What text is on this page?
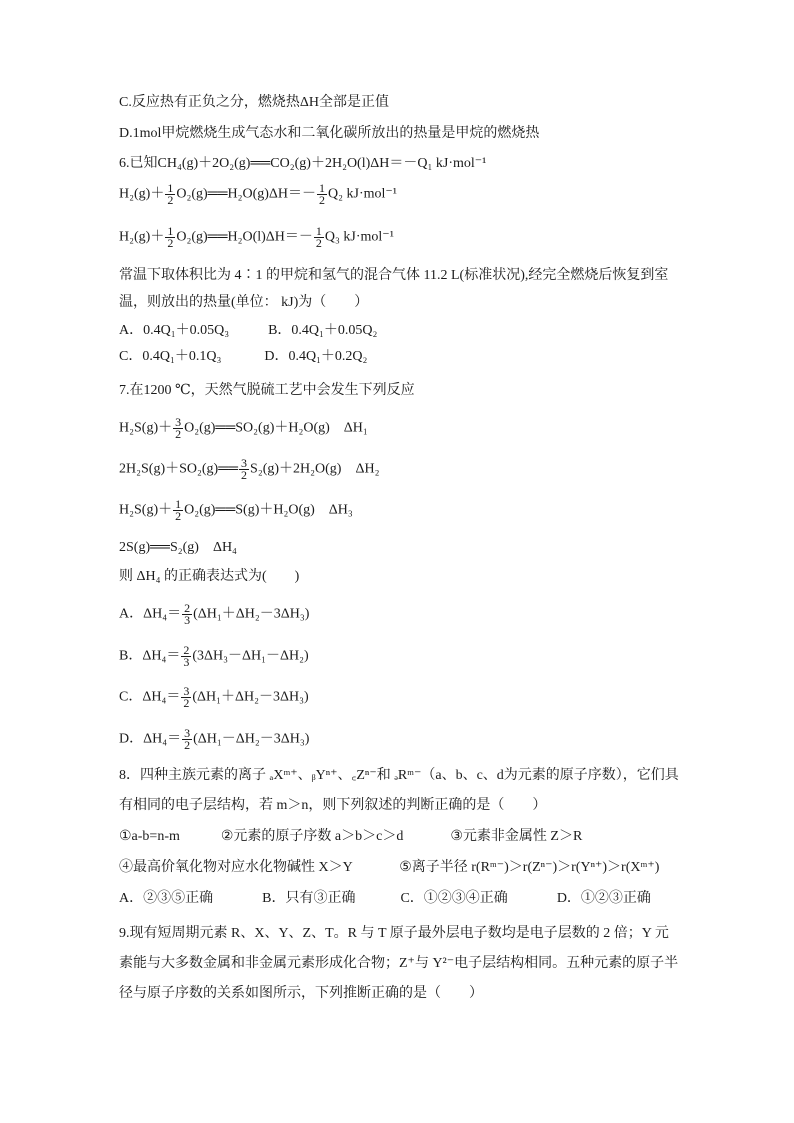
C.反应热有正负之分，燃烧热ΔH全部是正值
D.1mol甲烷燃烧生成气态水和二氧化碳所放出的热量是甲烷的燃烧热
6.已知CH₄(g)＋2O₂(g)══CO₂(g)＋2H₂O(l)ΔH＝－Q₁ kJ·mol⁻¹
$H_2(g)+ \frac{1}{2}$ O₂(g)══H₂O(g)ΔH＝－ $\frac{1}{2} Q_2$ kJ·mol⁻¹
$H_2(g)+ \frac{1}{2}$ O₂(g)══H₂O(l)ΔH＝－ $\frac{1}{2} Q_3$ kJ·mol⁻¹
常温下取体积比为 4∶1 的甲烷和氢气的混合气体 11.2 L(标准状况),经完全燃烧后恢复到室
温，则放出的热量(单位： kJ)为（　　）
A．0.4Q₁＋0.05Q₃	B．0.4Q₁＋0.05Q₂
C．0.4Q₁＋0.1Q₃	D．0.4Q₁＋0.2Q₂
7.在1200 ℃，天然气脱硫工艺中会发生下列反应
$H_2S(g)+ \frac{3}{2}$ O₂(g)══SO₂(g)＋H₂O(g)　ΔH₁
2H₂S(g)＋SO₂(g)══ $\frac{3}{2} S_2(g)+2H_2O(g)$　ΔH₂
$H_2S(g)+ \frac{1}{2}$ O₂(g)══S(g)＋H₂O(g)　ΔH₃
2S(g)══S₂(g)　ΔH₄
则 ΔH₄ 的正确表达式为(　　)
A．$\Delta H_4= \frac{2}{3} (\Delta H_1+\Delta H_2-3\Delta H_3)$
B．$\Delta H_4= \frac{2}{3} (3\Delta H_3-\Delta H_1-\Delta H_2)$
C．$\Delta H_4= \frac{3}{2} (\Delta H_1+\Delta H_2-3\Delta H_3)$
D．$\Delta H_4= \frac{3}{2} (\Delta H_1-\Delta H_2-3\Delta H_3)$
8．四种主族元素的离子 ₐXᵐ⁺、ᵦYⁿ⁺、꜀Zⁿ⁻和 ₔRᵐ⁻（a、b、c、d为元素的原子序数），它们具
有相同的电子层结构，若 m＞n，则下列叙述的判断正确的是（　　）
①a-b=n-m	②元素的原子序数 a＞b＞c＞d	③元素非金属性 Z＞R
④最高价氧化物对应水化物碱性 X＞Y	⑤离子半径 r(Rᵐ⁻)＞r(Zⁿ⁻)＞r(Yⁿ⁺)＞r(Xᵐ⁺)
A．②③⑤正确	B．只有③正确	C．①②③④正确	D．①②③正确
9.现有短周期元素 R、X、Y、Z、T。R 与 T 原子最外层电子数均是电子层数的 2 倍；Y 元
素能与大多数金属和非金属元素形成化合物；Z⁺与 Y²⁻电子层结构相同。五种元素的原子半
径与原子序数的关系如图所示，下列推断正确的是（　　）
